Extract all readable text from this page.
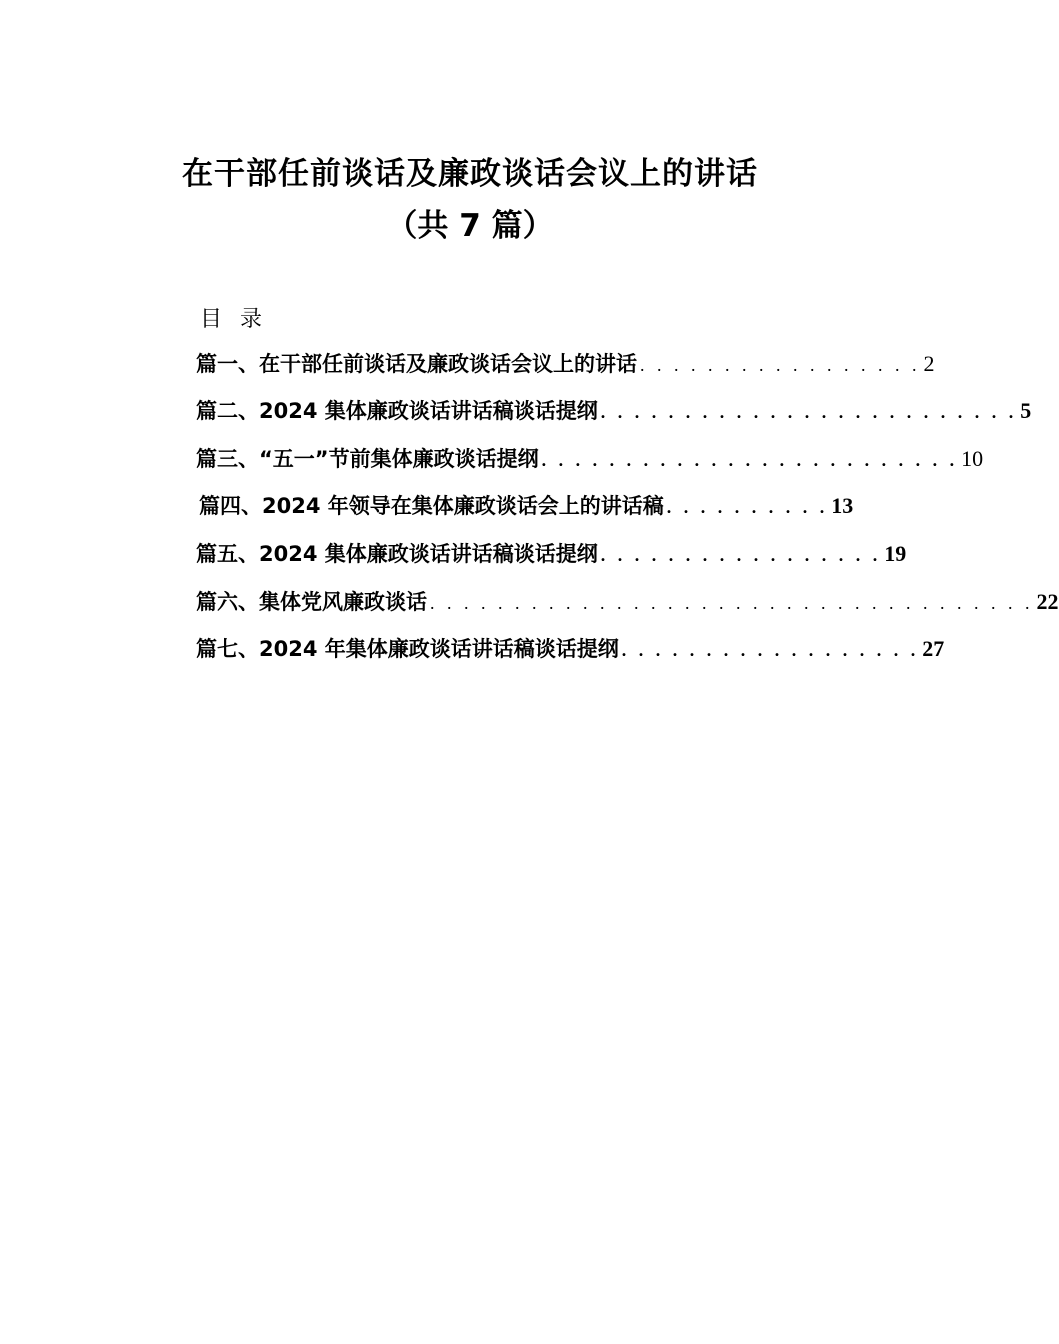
在干部任前谈话及廉政谈话会议上的讲话
（共 7 篇）
目录
篇一、 在干部任前谈话及廉政谈话会议上的讲话 . . . . . . . . . . . . . . . . . 2
篇二、 2024 集体廉政谈话讲话稿谈话提纲 . . . . . . . . . . . . . . . . . . . . . . . . . 5
篇三、 “五一”节前集体廉政谈话提纲 . . . . . . . . . . . . . . . . . . . . . . . . . 10
篇四、 2024 年领导在集体廉政谈话会上的讲话稿 . . . . . . . . . . 13
篇五、 2024 集体廉政谈话讲话稿谈话提纲 . . . . . . . . . . . . . . . . . 19
篇六、 集体党风廉政谈话 . . . . . . . . . . . . . . . . . . . . . . . . . . . . . . . . . . . . 22
篇七、 2024 年集体廉政谈话讲话稿谈话提纲 . . . . . . . . . . . . . . . . . . 27
